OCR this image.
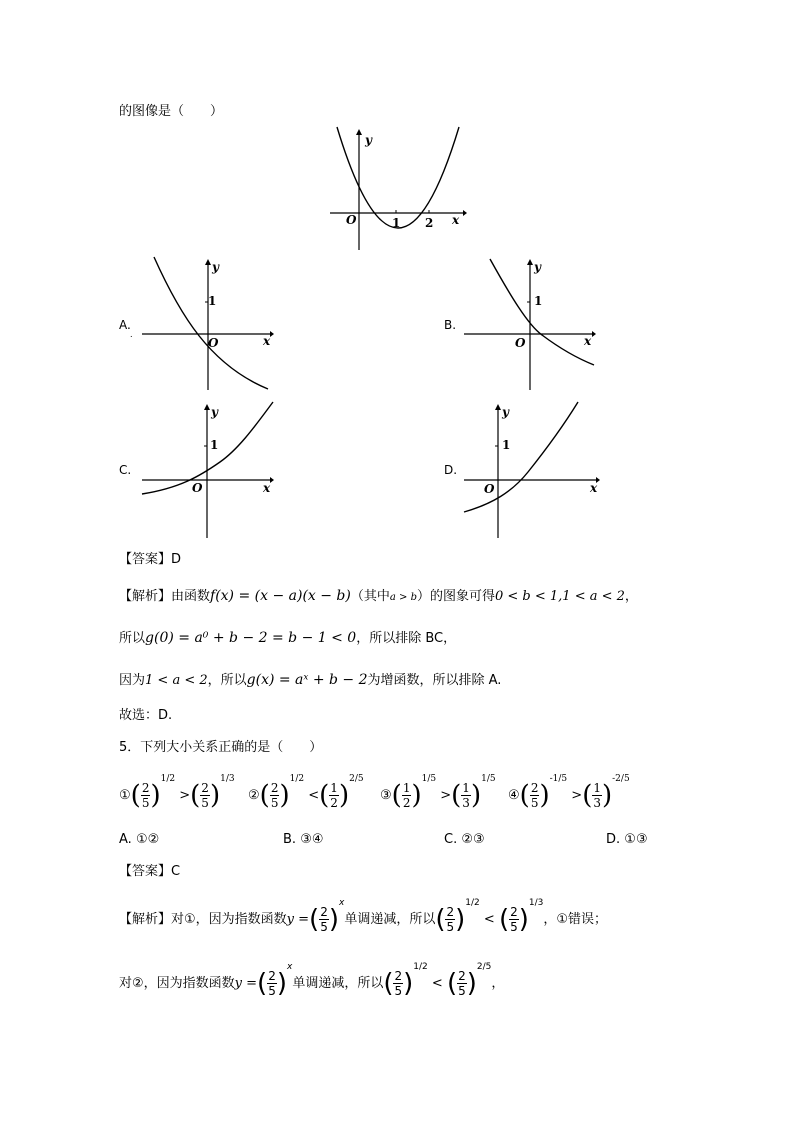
的图像是（　　）
y
x
O	1 2
A.
y
x
O
1
.
B.
y
x
O
1
C.
y
x
O
1
D.
y
x
O
1
【答案】D
【解析】由函数f(x) = (x − a)(x − b)（其中a > b）的图象可得0 < b < 1,1 < a < 2，
所以g(0) = a⁰ + b − 2 = b − 1 < 0，所以排除 BC，
因为1 < a < 2，所以g(x) = aˣ + b − 2为增函数，所以排除 A.
故选：D.
5．下列大小关系正确的是（　　）
①( $\frac{2}{5} )^{1/2}$ >( $\frac{2}{5} )^{1/3}$
②( $\frac{2}{5} )^{1/2}$ <( $\frac{1}{2} )^{2/5}$
③( $\frac{1}{2} )^{1/5}$ >( $\frac{1}{3} )^{1/5}$
④( $\frac{2}{5} )^{-1/5}$ >( $\frac{1}{3} )^{-2/5}$
A. ①②	B. ③④	C. ②③	D. ①③
【答案】C
【解析】对①，因为指数函数y =( $\frac{2}{5} )^x$单调递减，所以( $\frac{2}{5} )^{1/2}$ < ( $\frac{2}{5} )^{1/3}$，①错误；
对②，因为指数函数y =( $\frac{2}{5} )^x$单调递减，所以( $\frac{2}{5} )^{1/2}$ < ( $\frac{2}{5} )^{2/5}$，
